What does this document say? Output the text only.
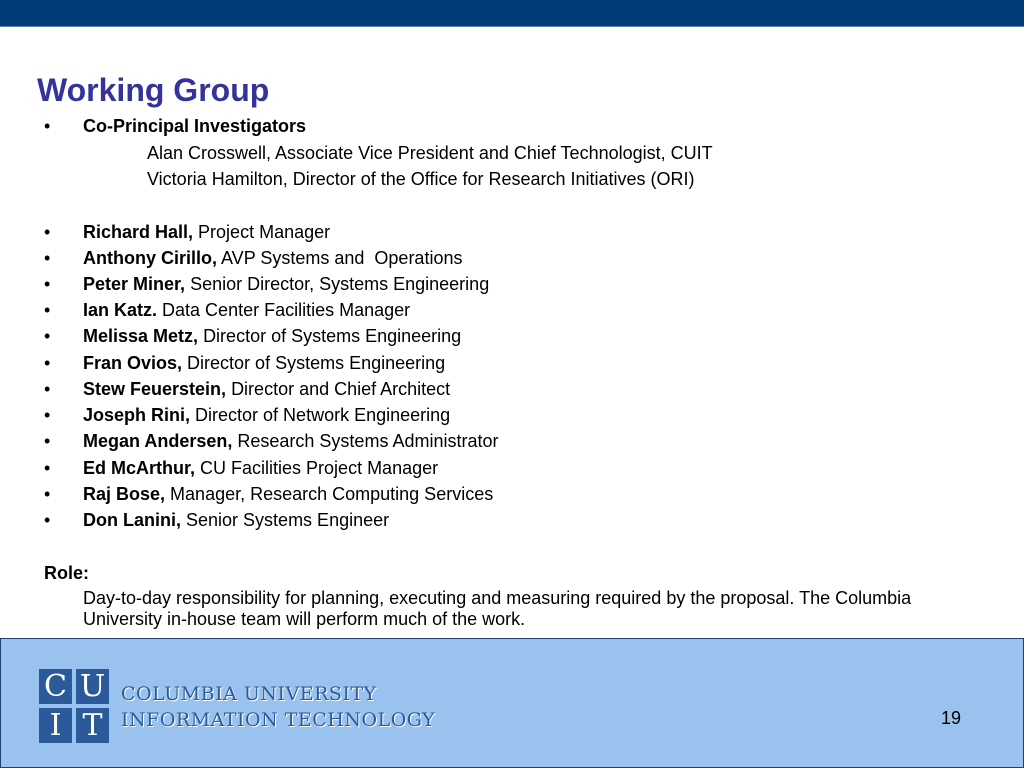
Working Group
• Co-Principal Investigators
Alan Crosswell, Associate Vice President and Chief Technologist, CUIT
Victoria Hamilton, Director of the Office for Research Initiatives (ORI)
• Richard Hall, Project Manager
• Anthony Cirillo, AVP Systems and  Operations
• Peter Miner, Senior Director, Systems Engineering
• Ian Katz. Data Center Facilities Manager
• Melissa Metz, Director of Systems Engineering
• Fran Ovios, Director of Systems Engineering
• Stew Feuerstein, Director and Chief Architect
• Joseph Rini, Director of Network Engineering
• Megan Andersen, Research Systems Administrator
• Ed McArthur, CU Facilities Project Manager
• Raj Bose, Manager, Research Computing Services
• Don Lanini, Senior Systems Engineer
Role:
Day-to-day responsibility for planning, executing and measuring required by the proposal. The Columbia University in-house team will perform much of the work.
C U
I T
COLUMBIA UNIVERSITY
INFORMATION TECHNOLOGY	19
